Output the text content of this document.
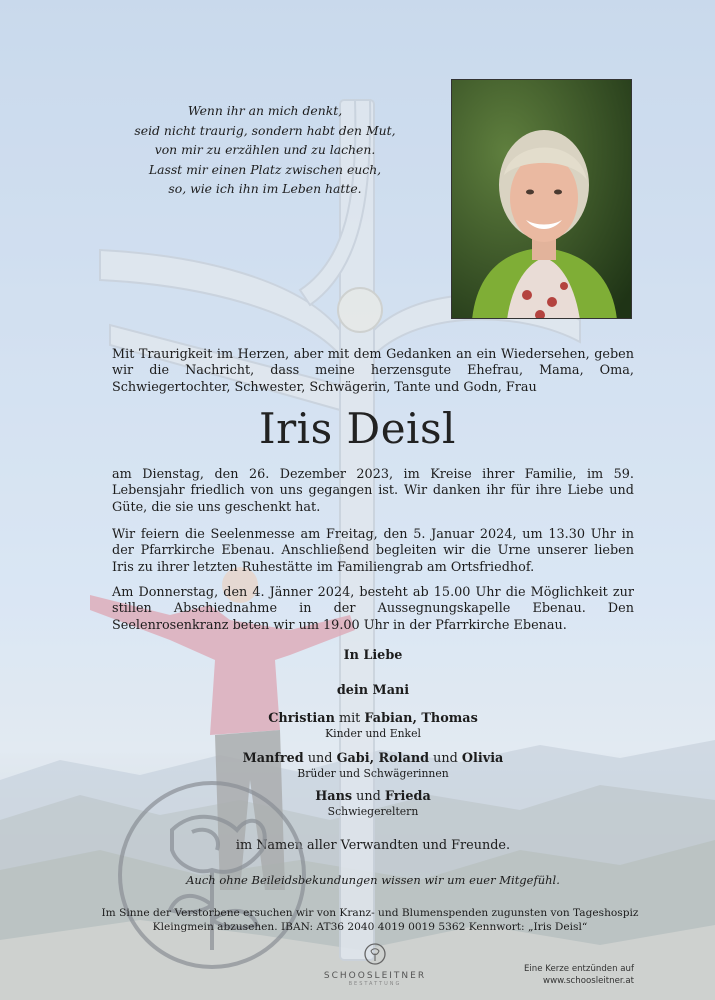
Wenn ihr an mich denkt,
seid nicht traurig, sondern habt den Mut,
von mir zu erzählen und zu lachen.
Lasst mir einen Platz zwischen euch,
so, wie ich ihn im Leben hatte.
Mit Traurigkeit im Herzen, aber mit dem Gedanken an ein Wiedersehen, geben wir die Nachricht, dass meine herzensgute Ehefrau, Mama, Oma, Schwiegertochter, Schwester, Schwägerin, Tante und Godn, Frau
Iris Deisl
am Dienstag, den 26. Dezember 2023, im Kreise ihrer Familie, im 59. Lebensjahr friedlich von uns gegangen ist. Wir danken ihr für ihre Liebe und Güte, die sie uns geschenkt hat.
Wir feiern die Seelenmesse am Freitag, den 5. Januar 2024, um 13.30 Uhr in der Pfarrkirche Ebenau. Anschließend begleiten wir die Urne unserer lieben Iris zu ihrer letzten Ruhestätte im Familiengrab am Ortsfriedhof.
Am Donnerstag, den 4. Jänner 2024, besteht ab 15.00 Uhr die Möglichkeit zur stillen Abschiednahme in der Aussegnungskapelle Ebenau. Den Seelenrosenkranz beten wir um 19.00 Uhr in der Pfarrkirche Ebenau.
In Liebe
dein Mani
Christian mit Fabian, Thomas
Kinder und Enkel
Manfred und Gabi, Roland und Olivia
Brüder und Schwägerinnen
Hans und Frieda
Schwiegereltern
im Namen aller Verwandten und Freunde.
Auch ohne Beileidsbekundungen wissen wir um euer Mitgefühl.
Im Sinne der Verstorbene ersuchen wir von Kranz- und Blumenspenden zugunsten von Tageshospiz
Kleingmein abzusehen. IBAN: AT36 2040 4019 0019 5362 Kennwort: „Iris Deisl“
SCHOOSLEITNER
BESTATTUNG
Eine Kerze entzünden auf
www.schoosleitner.at
